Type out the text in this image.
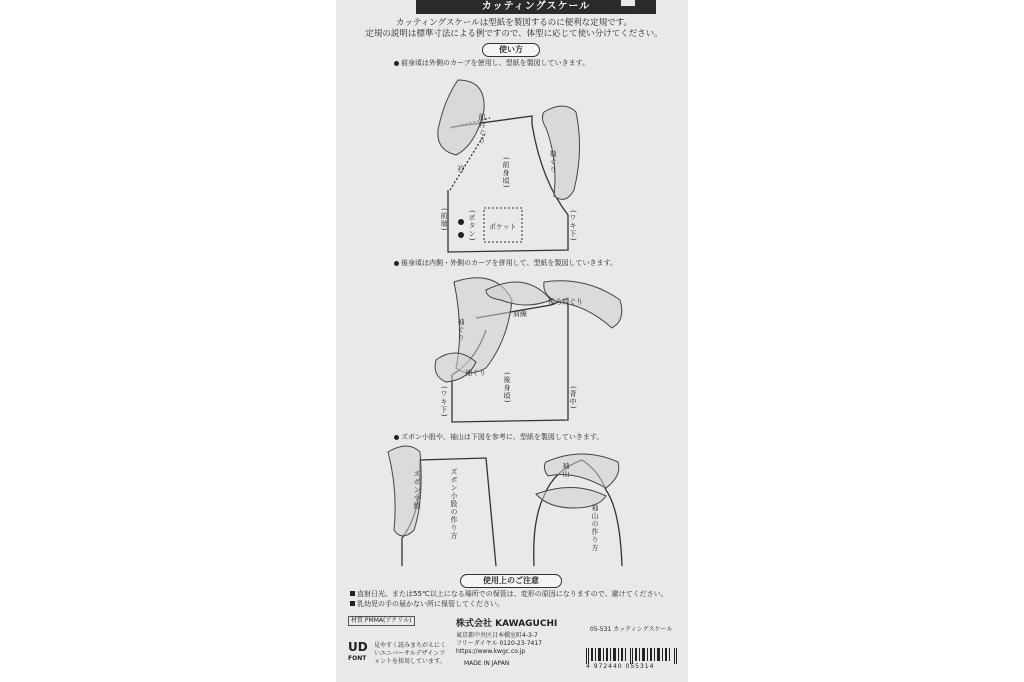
カッティングスケール	ケース:PVC
カッティングスケールは型紙を製図するのに便利な定規です。
定規の説明は標準寸法による例ですので、体型に応じて使い分けてください。
使い方
前身頃は外側のカーブを使用し、型紙を製図していきます。
前衿ぐり
衿	(前身頃)	袖ぐり
(前端)	(ボタン) ポケット	(ワキ下)
後身頃は内側・外側のカーブを併用して、型紙を製図していきます。
肩線
後ろ衿ぐり
袖ぐり
袖ぐり (後身頃)
(ワキ下)	(背中)
ズボン小股や、袖山は下図を参考に、型紙を製図していきます。
ズボン小股	ズボン小股の作り方	袖山
袖山の作り方
使用上のご注意
直射日光、または55℃以上になる場所での保管は、変形の原因になりますので、避けてください。
乳幼児の手の届かない所に保管してください。
材質 PMMA(アクリル)
05-531 カッティングスケール
株式会社 KAWAGUCHI
東京都中央区日本橋室町4-3-7
フリーダイヤル 0120-23-7417
https://www.kwgc.co.jp
MADE IN JAPAN
UD
FONT
見やすく読みまちがえにくいユニバーサルデザインフォントを採用しています。
4 972440 055314
